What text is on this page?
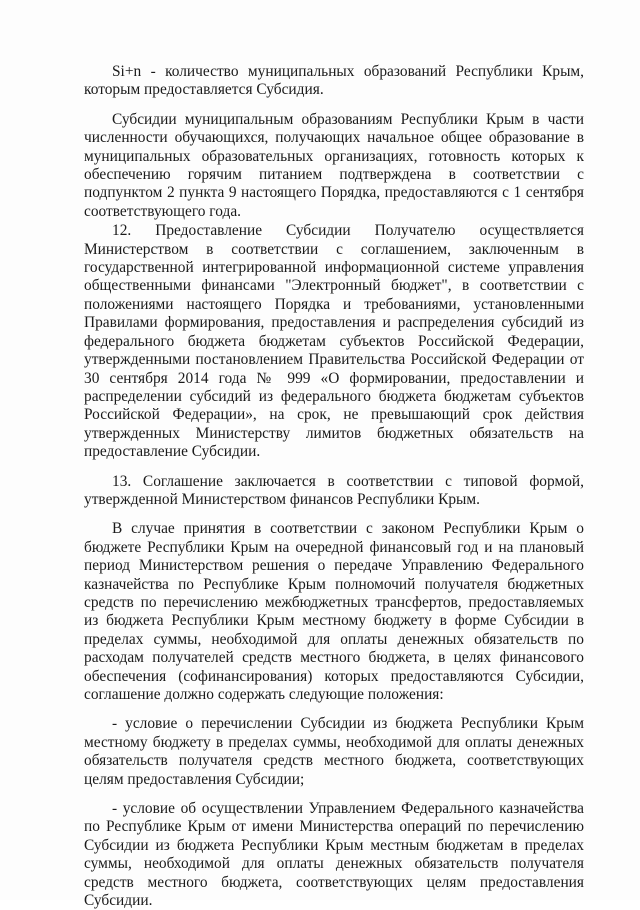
Si+n - количество муниципальных образований Республики Крым, которым предоставляется Субсидия.

Субсидии муниципальным образованиям Республики Крым в части численности обучающихся, получающих начальное общее образование в муниципальных образовательных организациях, готовность которых к обеспечению горячим питанием подтверждена в соответствии с подпунктом 2 пункта 9 настоящего Порядка, предоставляются с 1 сентября соответствующего года.

12. Предоставление Субсидии Получателю осуществляется Министерством в соответствии с соглашением, заключенным в государственной интегрированной информационной системе управления общественными финансами "Электронный бюджет", в соответствии с положениями настоящего Порядка и требованиями, установленными Правилами формирования, предоставления и распределения субсидий из федерального бюджета бюджетам субъектов Российской Федерации, утвержденными постановлением Правительства Российской Федерации от 30 сентября 2014 года № 999 «О формировании, предоставлении и распределении субсидий из федерального бюджета бюджетам субъектов Российской Федерации», на срок, не превышающий срок действия утвержденных Министерству лимитов бюджетных обязательств на предоставление Субсидии.

13. Соглашение заключается в соответствии с типовой формой, утвержденной Министерством финансов Республики Крым.

В случае принятия в соответствии с законом Республики Крым о бюджете Республики Крым на очередной финансовый год и на плановый период Министерством решения о передаче Управлению Федерального казначейства по Республике Крым полномочий получателя бюджетных средств по перечислению межбюджетных трансфертов, предоставляемых из бюджета Республики Крым местному бюджету в форме Субсидии в пределах суммы, необходимой для оплаты денежных обязательств по расходам получателей средств местного бюджета, в целях финансового обеспечения (софинансирования) которых предоставляются Субсидии, соглашение должно содержать следующие положения:

- условие о перечислении Субсидии из бюджета Республики Крым местному бюджету в пределах суммы, необходимой для оплаты денежных обязательств получателя средств местного бюджета, соответствующих целям предоставления Субсидии;

- условие об осуществлении Управлением Федерального казначейства по Республике Крым от имени Министерства операций по перечислению Субсидии из бюджета Республики Крым местным бюджетам в пределах суммы, необходимой для оплаты денежных обязательств получателя средств местного бюджета, соответствующих целям предоставления Субсидии.
